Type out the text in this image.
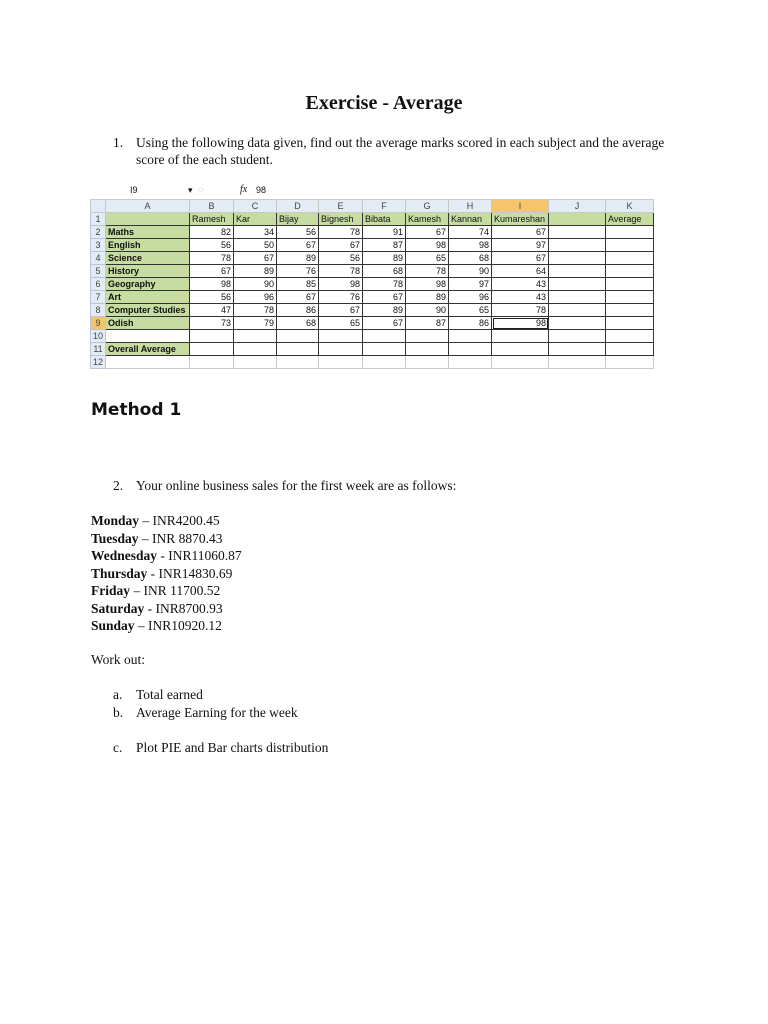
Exercise - Average
1. Using the following data given, find out the average marks scored in each subject and the average score of the each student.
I9	▾ ◌	fx 98
	A	B	C	D	E	F	G	H	I	J	K
1		Ramesh	Kar	Bijay	Bignesh	Bibata	Kamesh	Kannan	Kumareshan		Average
2	Maths	82	34	56	78	91	67	74	67		
3	English	56	50	67	67	87	98	98	97		
4	Science	78	67	89	56	89	65	68	67		
5	History	67	89	76	78	68	78	90	64		
6	Geography	98	90	85	98	78	98	97	43		
7	Art	56	96	67	76	67	89	96	43		
8	Computer Studies	47	78	86	67	89	90	65	78		
9	Odish	73	79	68	65	67	87	86	98		
10											
11	Overall Average										
12											
Method 1
2. Your online business sales for the first week are as follows:
Monday – INR4200.45
Tuesday – INR 8870.43
Wednesday - INR11060.87
Thursday - INR14830.69
Friday – INR 11700.52
Saturday - INR8700.93
Sunday – INR10920.12
Work out:
a. Total earned
b. Average Earning for the week
c. Plot PIE and Bar charts distribution
